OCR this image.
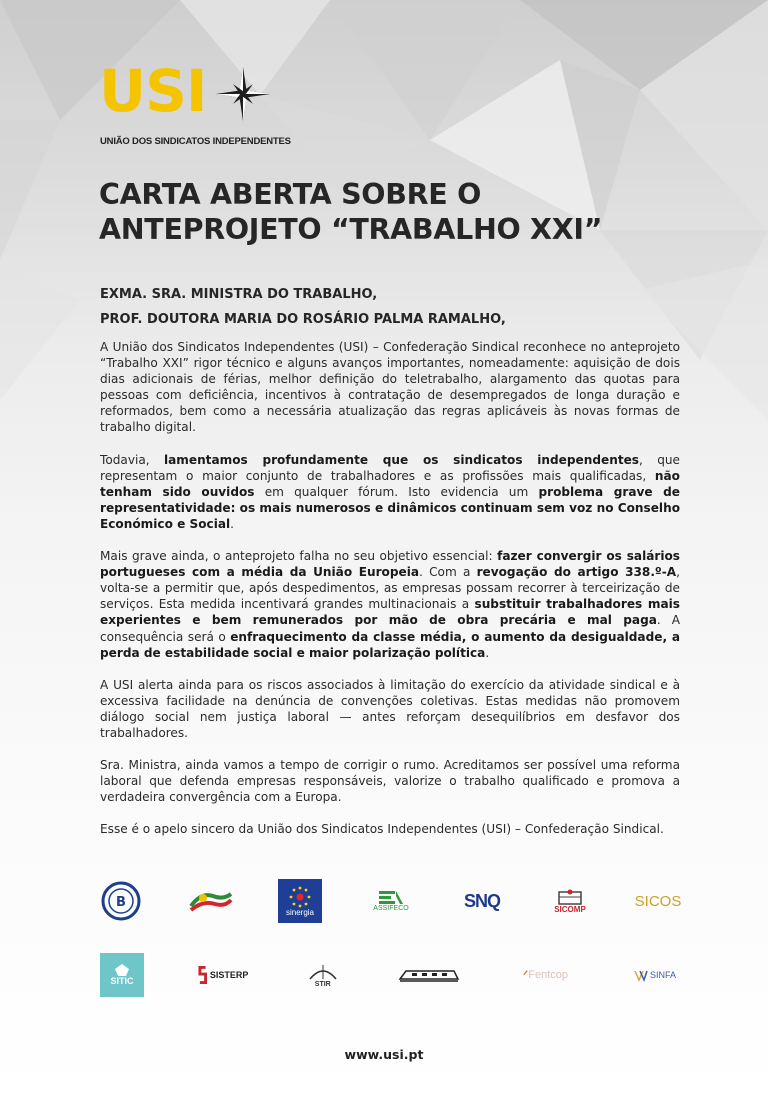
USI
UNIÃO DOS SINDICATOS INDEPENDENTES
CARTA ABERTA SOBRE O
ANTEPROJETO “TRABALHO XXI”
EXMA. SRA. MINISTRA DO TRABALHO,
PROF. DOUTORA MARIA DO ROSÁRIO PALMA RAMALHO,

A União dos Sindicatos Independentes (USI) – Confederação Sindical reconhece no anteprojeto “Trabalho XXI” rigor técnico e alguns avanços importantes, nomeadamente: aquisição de dois dias adicionais de férias, melhor definição do teletrabalho, alargamento das quotas para pessoas com deficiência, incentivos à contratação de desempregados de longa duração e reformados, bem como a necessária atualização das regras aplicáveis às novas formas de trabalho digital.

Todavia, lamentamos profundamente que os sindicatos independentes, que representam o maior conjunto de trabalhadores e as profissões mais qualificadas, não tenham sido ouvidos em qualquer fórum. Isto evidencia um problema grave de representatividade: os mais numerosos e dinâmicos continuam sem voz no Conselho Económico e Social.

Mais grave ainda, o anteprojeto falha no seu objetivo essencial: fazer convergir os salários portugueses com a média da União Europeia. Com a revogação do artigo 338.º-A, volta-se a permitir que, após despedimentos, as empresas possam recorrer à terceirização de serviços. Esta medida incentivará grandes multinacionais a substituir trabalhadores mais experientes e bem remunerados por mão de obra precária e mal paga. A consequência será o enfraquecimento da classe média, o aumento da desigualdade, a perda de estabilidade social e maior polarização política.

A USI alerta ainda para os riscos associados à limitação do exercício da atividade sindical e à excessiva facilidade na denúncia de convenções coletivas. Estas medidas não promovem diálogo social nem justiça laboral — antes reforçam desequilíbrios em desfavor dos trabalhadores.

Sra. Ministra, ainda vamos a tempo de corrigir o rumo. Acreditamos ser possível uma reforma laboral que defenda empresas responsáveis, valorize o trabalho qualificado e promova a verdadeira convergência com a Europa.

Esse é o apelo sincero da União dos Sindicatos Independentes (USI) – Confederação Sindical.

B
sinergia	ASSIFECO	SNQ	SICOMP	SICOS
SITIC
SISTERP
STIR
ᐟ Fentcop	SINFA
www.usi.pt
